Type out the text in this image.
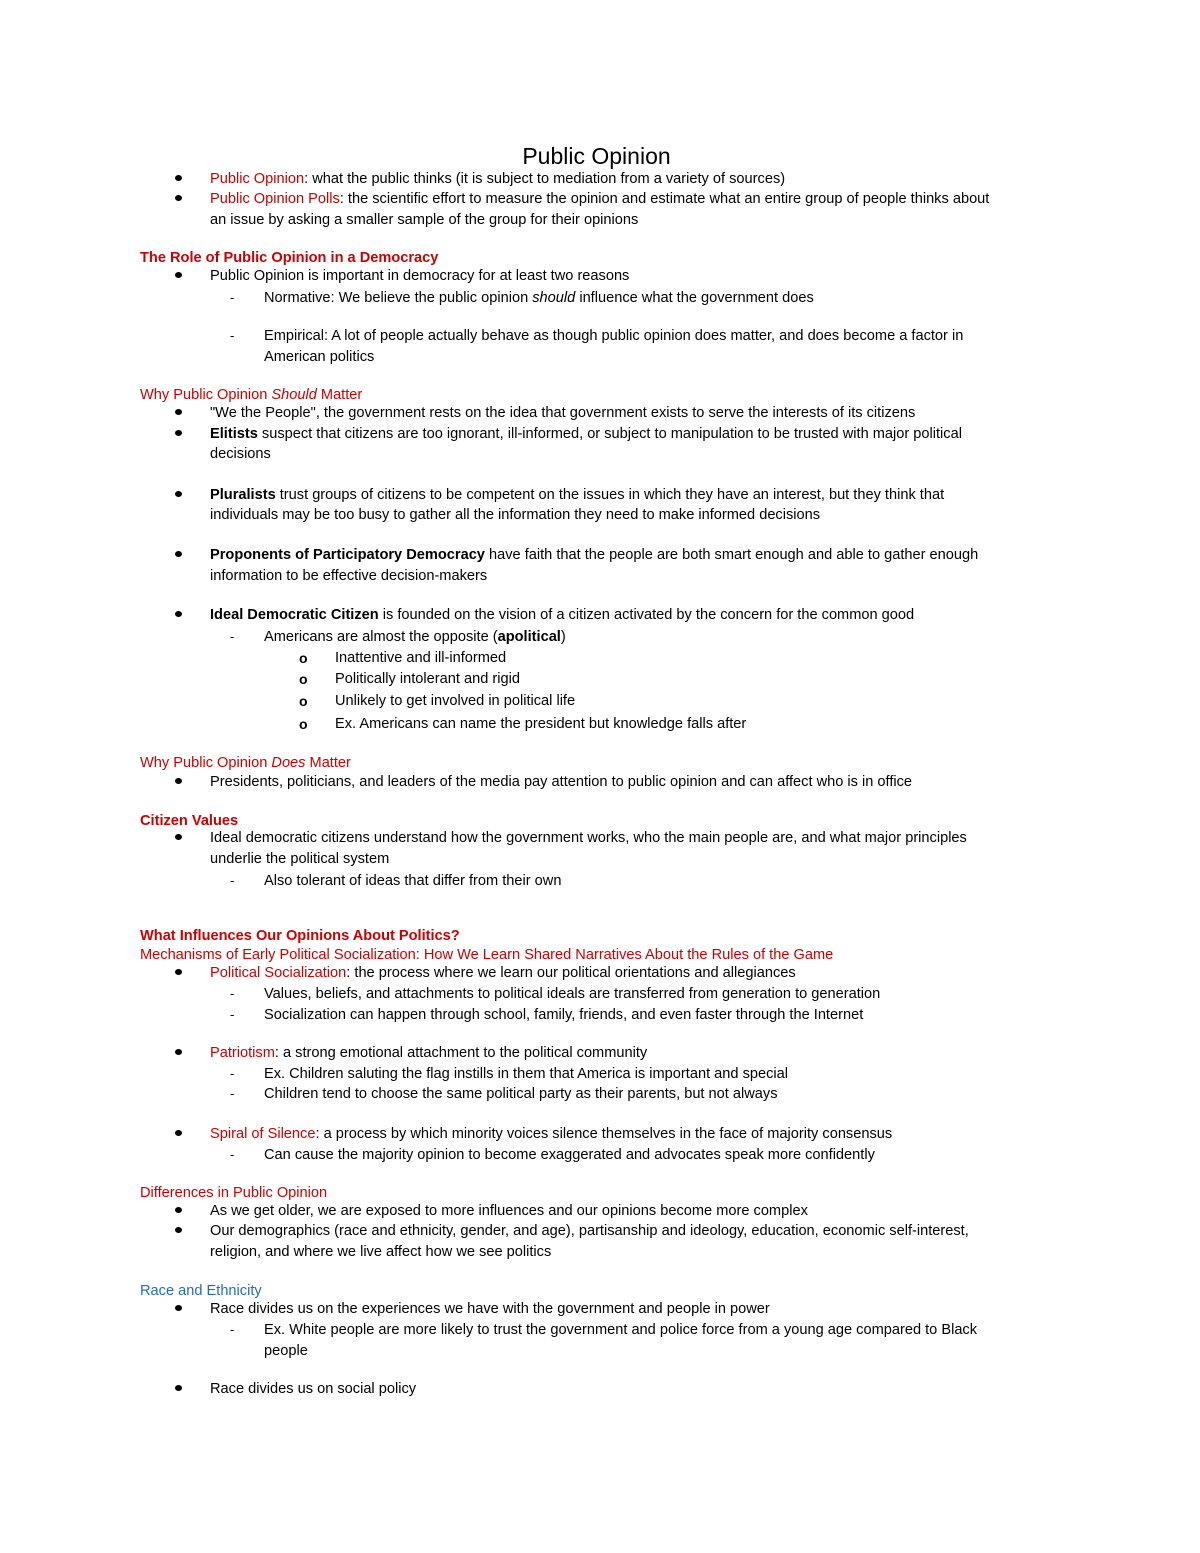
Public Opinion
Public Opinion: what the public thinks (it is subject to mediation from a variety of sources)
Public Opinion Polls: the scientific effort to measure the opinion and estimate what an entire group of people thinks about
an issue by asking a smaller sample of the group for their opinions
The Role of Public Opinion in a Democracy
Public Opinion is important in democracy for at least two reasons
- Normative: We believe the public opinion should influence what the government does
- Empirical: A lot of people actually behave as though public opinion does matter, and does become a factor in
American politics
Why Public Opinion Should Matter
"We the People", the government rests on the idea that government exists to serve the interests of its citizens
Elitists suspect that citizens are too ignorant, ill-informed, or subject to manipulation to be trusted with major political
decisions
Pluralists trust groups of citizens to be competent on the issues in which they have an interest, but they think that
individuals may be too busy to gather all the information they need to make informed decisions
Proponents of Participatory Democracy have faith that the people are both smart enough and able to gather enough
information to be effective decision-makers
Ideal Democratic Citizen is founded on the vision of a citizen activated by the concern for the common good
- Americans are almost the opposite (apolitical)
o Inattentive and ill-informed
o Politically intolerant and rigid
o Unlikely to get involved in political life
o Ex. Americans can name the president but knowledge falls after
Why Public Opinion Does Matter
Presidents, politicians, and leaders of the media pay attention to public opinion and can affect who is in office
Citizen Values
Ideal democratic citizens understand how the government works, who the main people are, and what major principles
underlie the political system
- Also tolerant of ideas that differ from their own
What Influences Our Opinions About Politics?
Mechanisms of Early Political Socialization: How We Learn Shared Narratives About the Rules of the Game
Political Socialization: the process where we learn our political orientations and allegiances
- Values, beliefs, and attachments to political ideals are transferred from generation to generation
- Socialization can happen through school, family, friends, and even faster through the Internet
Patriotism: a strong emotional attachment to the political community
- Ex. Children saluting the flag instills in them that America is important and special
- Children tend to choose the same political party as their parents, but not always
Spiral of Silence: a process by which minority voices silence themselves in the face of majority consensus
- Can cause the majority opinion to become exaggerated and advocates speak more confidently
Differences in Public Opinion
As we get older, we are exposed to more influences and our opinions become more complex
Our demographics (race and ethnicity, gender, and age), partisanship and ideology, education, economic self-interest,
religion, and where we live affect how we see politics
Race and Ethnicity
Race divides us on the experiences we have with the government and people in power
- Ex. White people are more likely to trust the government and police force from a young age compared to Black
people
Race divides us on social policy
